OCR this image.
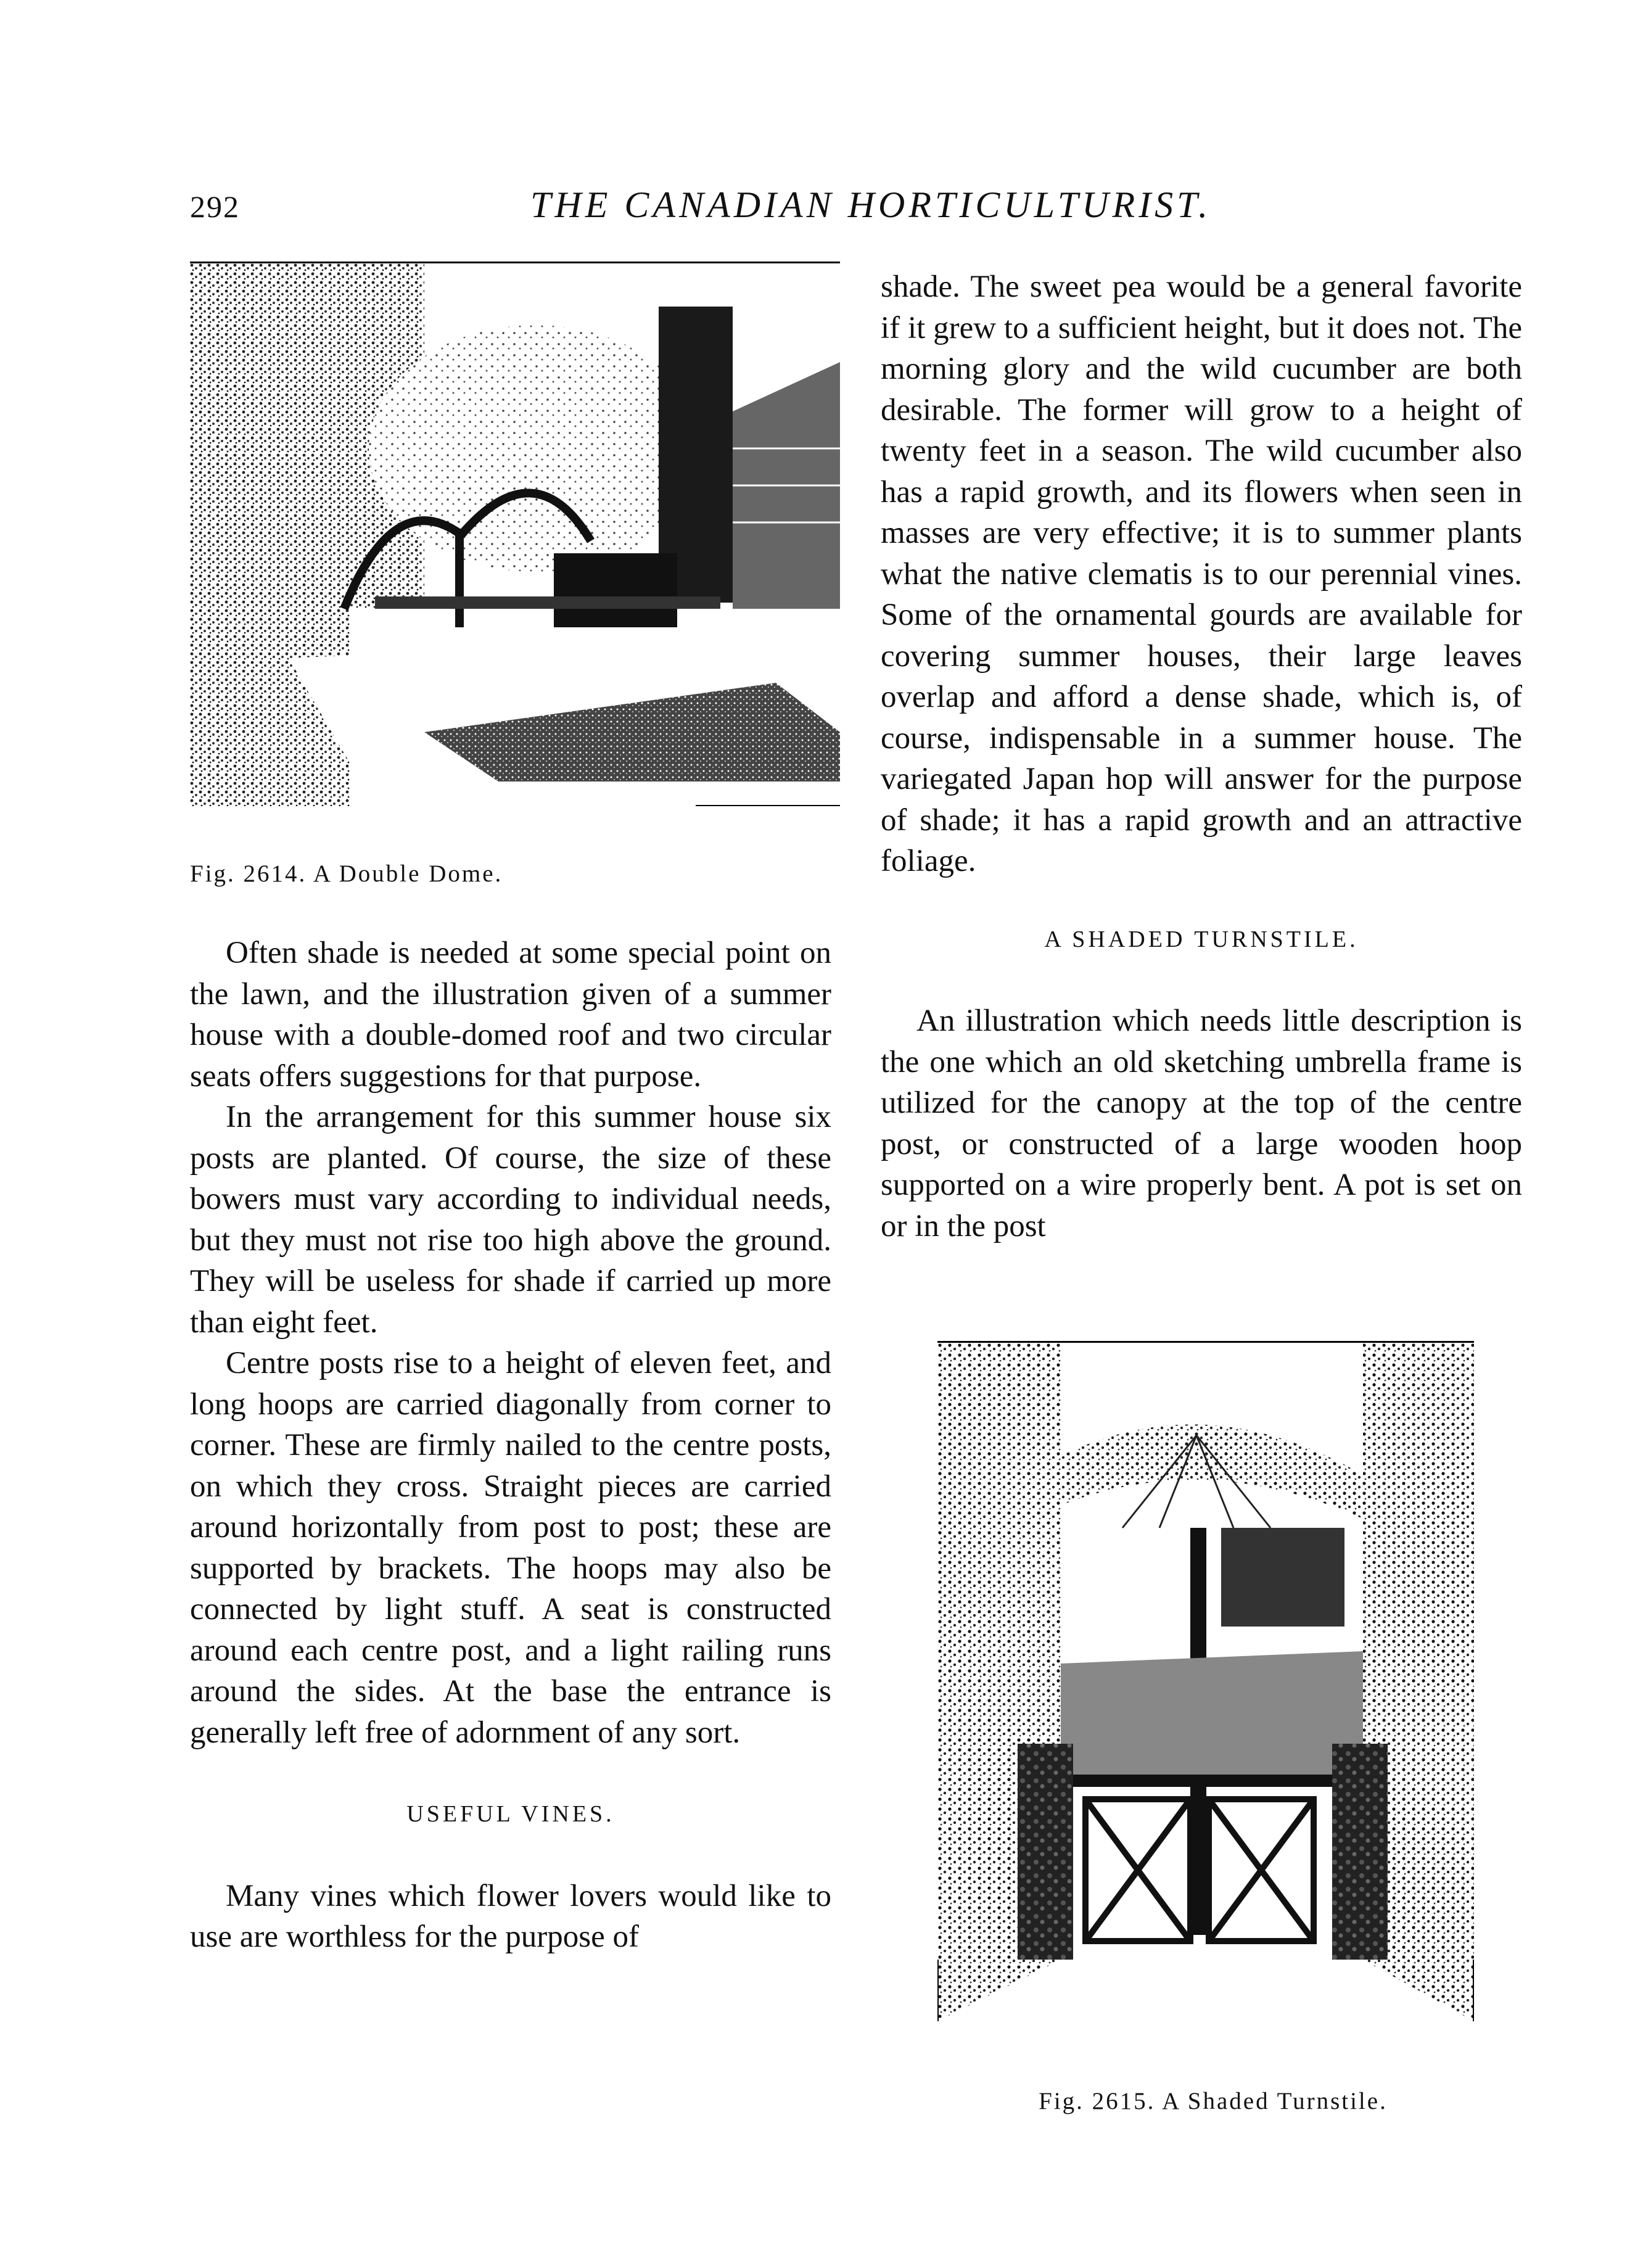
292	THE CANADIAN HORTICULTURIST.
Fig. 2614. A Double Dome.

Often shade is needed at some special point on the lawn, and the illustration given of a summer house with a double-domed roof and two circular seats offers suggestions for that purpose.

In the arrangement for this summer house six posts are planted. Of course, the size of these bowers must vary according to individual needs, but they must not rise too high above the ground. They will be useless for shade if carried up more than eight feet.

Centre posts rise to a height of eleven feet, and long hoops are carried diagonally from corner to corner. These are firmly nailed to the centre posts, on which they cross. Straight pieces are carried around horizontally from post to post; these are supported by brackets. The hoops may also be connected by light stuff. A seat is constructed around each centre post, and a light railing runs around the sides. At the base the entrance is generally left free of adornment of any sort.

USEFUL VINES.

Many vines which flower lovers would like to use are worthless for the purpose of

shade. The sweet pea would be a general favorite if it grew to a sufficient height, but it does not. The morning glory and the wild cucumber are both desirable. The former will grow to a height of twenty feet in a season. The wild cucumber also has a rapid growth, and its flowers when seen in masses are very effective; it is to summer plants what the native clematis is to our perennial vines. Some of the ornamental gourds are available for covering summer houses, their large leaves overlap and afford a dense shade, which is, of course, indispensable in a summer house. The variegated Japan hop will answer for the purpose of shade; it has a rapid growth and an attractive foliage.

A SHADED TURNSTILE.

An illustration which needs little description is the one which an old sketching umbrella frame is utilized for the canopy at the top of the centre post, or constructed of a large wooden hoop supported on a wire properly bent. A pot is set on or in the post

Fig. 2615. A Shaded Turnstile.
